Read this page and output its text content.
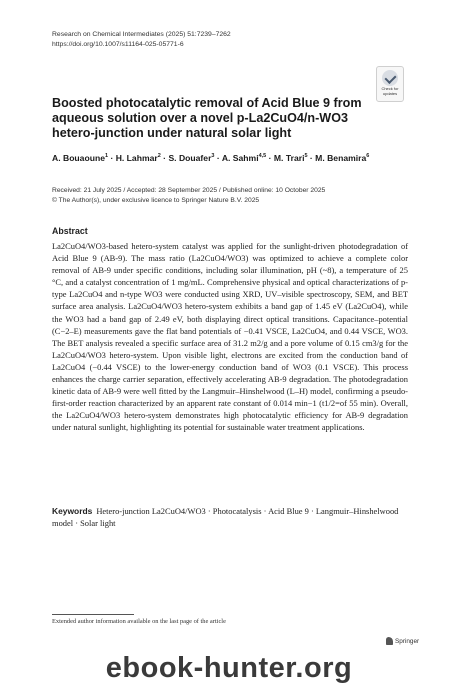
Research on Chemical Intermediates (2025) 51:7239–7262
https://doi.org/10.1007/s11164-025-05771-6
Check for
updates
Boosted photocatalytic removal of Acid Blue 9 from aqueous solution over a novel p-La2CuO4/n-WO3 hetero-junction under natural solar light
A. Bouaoune$^1$ · H. Lahmar$^2$ · S. Douafer$^3$ · A. Sahmi$^{4,5}$ · M. Trari$^5$ · M. Benamira$^6$
Received: 21 July 2025 / Accepted: 28 September 2025 / Published online: 10 October 2025
© The Author(s), under exclusive licence to Springer Nature B.V. 2025
Abstract

La2CuO4/WO3-based hetero-system catalyst was applied for the sunlight-driven photodegradation of Acid Blue 9 (AB-9). The mass ratio (La2CuO4/WO3) was optimized to achieve a complete color removal of AB-9 under specific conditions, including solar illumination, pH (~8), a temperature of 25 °C, and a catalyst concentration of 1 mg/mL. Comprehensive physical and optical characterizations of p-type La2CuO4 and n-type WO3 were conducted using XRD, UV–visible spectroscopy, SEM, and BET surface area analysis. La2CuO4/WO3 hetero-system exhibits a band gap of 1.45 eV (La2CuO4), while the WO3 had a band gap of 2.49 eV, both displaying direct optical transitions. Capacitance–potential (C−2–E) measurements gave the flat band potentials of −0.41 VSCE, La2CuO4, and 0.44 VSCE, WO3. The BET analysis revealed a specific surface area of 31.2 m2/g and a pore volume of 0.15 cm3/g for the La2CuO4/WO3 hetero-system. Upon visible light, electrons are excited from the conduction band of La2CuO4 (−0.44 VSCE) to the lower-energy conduction band of WO3 (0.1 VSCE). This process enhances the charge carrier separation, effectively accelerating AB-9 degradation. The photodegradation kinetic data of AB-9 were well fitted by the Langmuir–Hinshelwood (L–H) model, confirming a pseudo-first-order reaction characterized by an apparent rate constant of 0.014 min−1 (t1/2=of 55 min). Overall, the La2CuO4/WO3 hetero-system demonstrates high photocatalytic efficiency for AB-9 degradation under natural sunlight, highlighting its potential for sustainable water treatment applications.

Keywords Hetero-junction La2CuO4/WO3 · Photocatalysis · Acid Blue 9 · Langmuir–Hinshelwood model · Solar light
Extended author information available on the last page of the article
Springer
ebook-hunter.org
